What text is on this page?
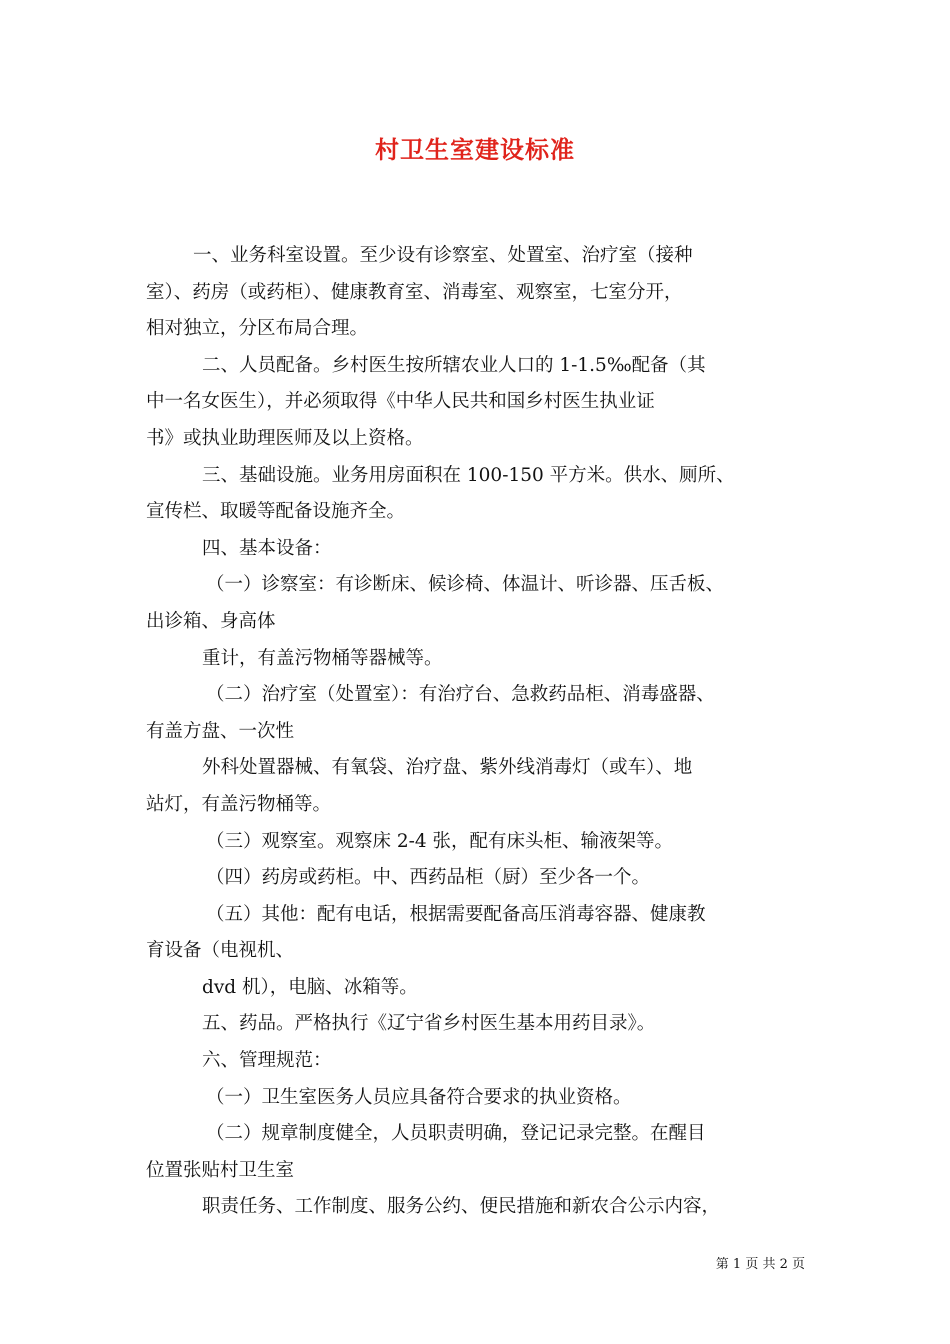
村卫生室建设标准
一、业务科室设置。至少设有诊察室、处置室、治疗室（接种
室）、药房（或药柜）、健康教育室、消毒室、观察室，七室分开，
相对独立，分区布局合理。
二、人员配备。乡村医生按所辖农业人口的 1-1.5‰配备（其
中一名女医生），并必须取得《中华人民共和国乡村医生执业证
书》或执业助理医师及以上资格。
三、基础设施。业务用房面积在 100-150 平方米。供水、厕所、
宣传栏、取暖等配备设施齐全。
四、基本设备：
（一）诊察室：有诊断床、候诊椅、体温计、听诊器、压舌板、
出诊箱、身高体
重计，有盖污物桶等器械等。
（二）治疗室（处置室）：有治疗台、急救药品柜、消毒盛器、
有盖方盘、一次性
外科处置器械、有氧袋、治疗盘、紫外线消毒灯（或车）、地
站灯，有盖污物桶等。
（三）观察室。观察床 2-4 张，配有床头柜、输液架等。
（四）药房或药柜。中、西药品柜（厨）至少各一个。
（五）其他：配有电话，根据需要配备高压消毒容器、健康教
育设备（电视机、
dvd 机），电脑、冰箱等。
五、药品。严格执行《辽宁省乡村医生基本用药目录》。
六、管理规范：
（一）卫生室医务人员应具备符合要求的执业资格。
（二）规章制度健全，人员职责明确，登记记录完整。在醒目
位置张贴村卫生室
职责任务、工作制度、服务公约、便民措施和新农合公示内容，
第 1 页 共 2 页
